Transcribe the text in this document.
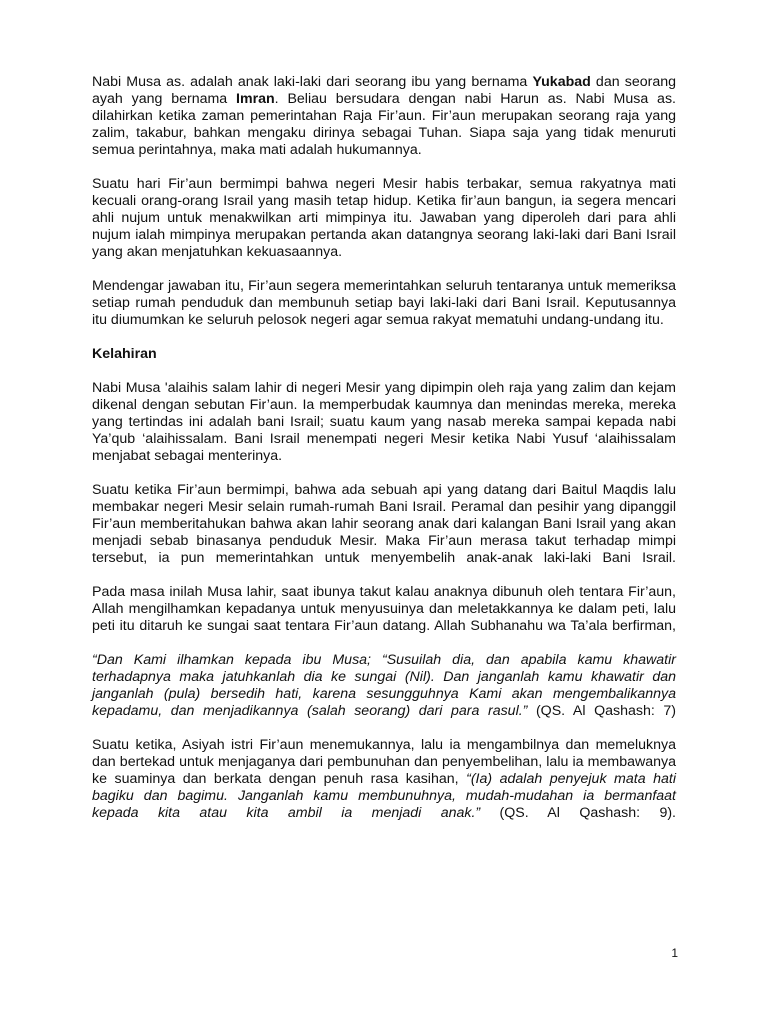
Nabi Musa as. adalah anak laki-laki dari seorang ibu yang bernama Yukabad dan seorang ayah yang bernama Imran. Beliau bersudara dengan nabi Harun as. Nabi Musa as. dilahirkan ketika zaman pemerintahan Raja Fir’aun. Fir’aun merupakan seorang raja yang zalim, takabur, bahkan mengaku dirinya sebagai Tuhan. Siapa saja yang tidak menuruti semua perintahnya, maka mati adalah hukumannya.

Suatu hari Fir’aun bermimpi bahwa negeri Mesir habis terbakar, semua rakyatnya mati kecuali orang-orang Israil yang masih tetap hidup. Ketika fir’aun bangun, ia segera mencari ahli nujum untuk menakwilkan arti mimpinya itu. Jawaban yang diperoleh dari para ahli nujum ialah mimpinya merupakan pertanda akan datangnya seorang laki-laki dari Bani Israil yang akan menjatuhkan kekuasaannya.

Mendengar jawaban itu, Fir’aun segera memerintahkan seluruh tentaranya untuk memeriksa setiap rumah penduduk dan membunuh setiap bayi laki-laki dari Bani Israil. Keputusannya itu diumumkan ke seluruh pelosok negeri agar semua rakyat mematuhi undang-undang itu.

Kelahiran

Nabi Musa 'alaihis salam lahir di negeri Mesir yang dipimpin oleh raja yang zalim dan kejam dikenal dengan sebutan Fir’aun. Ia memperbudak kaumnya dan menindas mereka, mereka yang tertindas ini adalah bani Israil; suatu kaum yang nasab mereka sampai kepada nabi Ya’qub ‘alaihissalam. Bani Israil menempati negeri Mesir ketika Nabi Yusuf ‘alaihissalam menjabat sebagai menterinya.

Suatu ketika Fir’aun bermimpi, bahwa ada sebuah api yang datang dari Baitul Maqdis lalu membakar negeri Mesir selain rumah-rumah Bani Israil. Peramal dan pesihir yang dipanggil Fir’aun memberitahukan bahwa akan lahir seorang anak dari kalangan Bani Israil yang akan menjadi sebab binasanya penduduk Mesir. Maka Fir’aun merasa takut terhadap mimpi tersebut, ia pun memerintahkan untuk menyembelih anak-anak laki-laki Bani Israil.

Pada masa inilah Musa lahir, saat ibunya takut kalau anaknya dibunuh oleh tentara Fir’aun, Allah mengilhamkan kepadanya untuk menyusuinya dan meletakkannya ke dalam peti, lalu peti itu ditaruh ke sungai saat tentara Fir’aun datang. Allah Subhanahu wa Ta’ala berfirman,

“Dan Kami ilhamkan kepada ibu Musa; “Susuilah dia, dan apabila kamu khawatir terhadapnya maka jatuhkanlah dia ke sungai (Nil). Dan janganlah kamu khawatir dan janganlah (pula) bersedih hati, karena sesungguhnya Kami akan mengembalikannya kepadamu, dan menjadikannya (salah seorang) dari para rasul.” (QS. Al Qashash: 7)

Suatu ketika, Asiyah istri Fir’aun menemukannya, lalu ia mengambilnya dan memeluknya dan bertekad untuk menjaganya dari pembunuhan dan penyembelihan, lalu ia membawanya ke suaminya dan berkata dengan penuh rasa kasihan, “(Ia) adalah penyejuk mata hati bagiku dan bagimu. Janganlah kamu membunuhnya, mudah-mudahan ia bermanfaat kepada kita atau kita ambil ia menjadi anak.” (QS. Al Qashash: 9).

1
